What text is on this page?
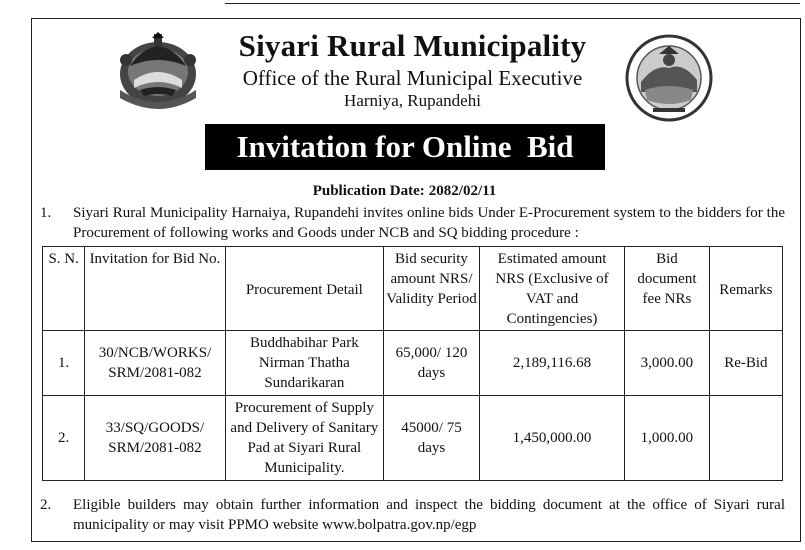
Siyari Rural Municipality
Office of the Rural Municipal Executive
Harniya, Rupandehi
Invitation for Online  Bid
Publication Date: 2082/02/11
1. Siyari Rural Municipality Harnaiya, Rupandehi invites online bids Under E-Procurement system to the bidders for the Procurement of following works and Goods under NCB and SQ bidding procedure :
S. N.	Invitation for Bid No.	Procurement Detail	Bid security amount NRS/ Validity Period	Estimated amount NRS (Exclusive of VAT and Contingencies)	Bid document fee NRs	Remarks
1.	30/NCB/WORKS/ SRM/2081-082	Buddhabihar Park Nirman Thatha Sundarikaran	65,000/ 120 days	2,189,116.68	3,000.00	Re-Bid
2.	33/SQ/GOODS/ SRM/2081-082	Procurement of Supply and Delivery of Sanitary Pad at Siyari Rural Municipality.	45000/ 75 days	1,450,000.00	1,000.00	
2. Eligible builders may obtain further information and inspect the bidding document at the office of Siyari rural municipality or may visit PPMO website www.bolpatra.gov.np/egp
